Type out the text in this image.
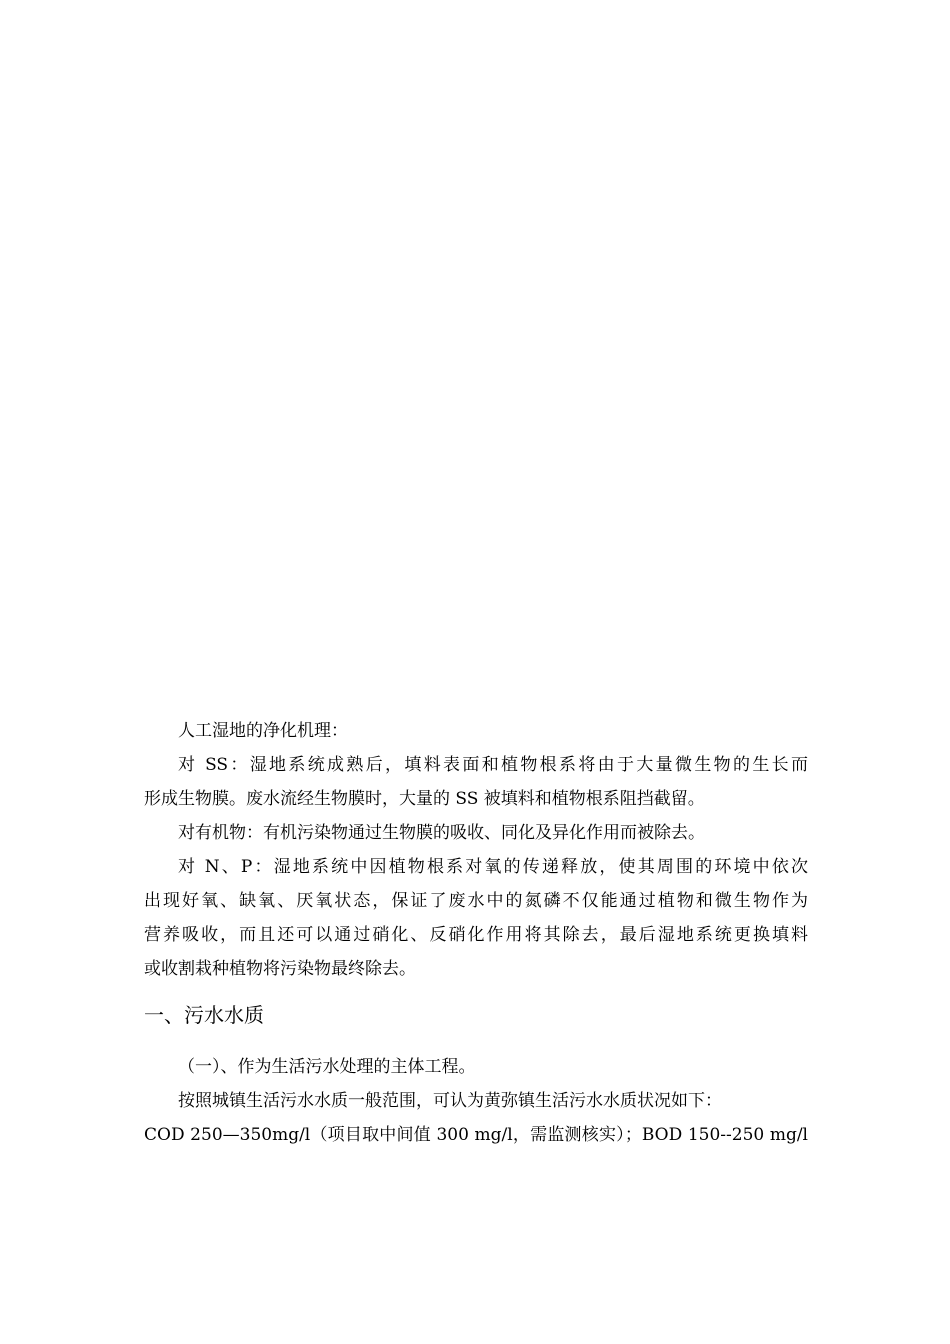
人工湿地的净化机理：

对 SS：湿地系统成熟后，填料表面和植物根系将由于大量微生物的生长而
形成生物膜。废水流经生物膜时，大量的 SS 被填料和植物根系阻挡截留。

对有机物：有机污染物通过生物膜的吸收、同化及异化作用而被除去。

对 N、P：湿地系统中因植物根系对氧的传递释放，使其周围的环境中依次
出现好氧、缺氧、厌氧状态，保证了废水中的氮磷不仅能通过植物和微生物作为
营养吸收，而且还可以通过硝化、反硝化作用将其除去，最后湿地系统更换填料
或收割栽种植物将污染物最终除去。

一、污水水质

（一）、作为生活污水处理的主体工程。

按照城镇生活污水水质一般范围，可认为黄弥镇生活污水水质状况如下：
COD 250—350mg/l（项目取中间值 300 mg/l，需监测核实）；BOD 150--250 mg/l
